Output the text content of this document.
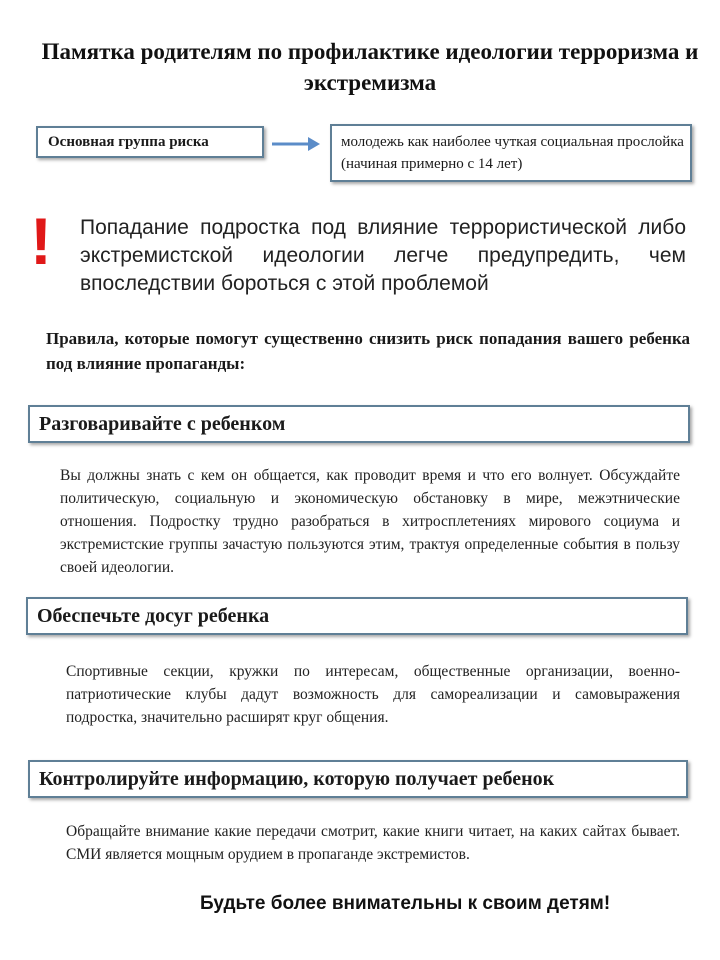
Памятка родителям по профилактике идеологии терроризма и экстремизма
Основная группа риска	молодежь как наиболее чуткая социальная прослойка (начиная примерно с 14 лет)
! Попадание подростка под влияние террористической либо экстремистской идеологии легче предупредить, чем впоследствии бороться с этой проблемой
Правила, которые помогут существенно снизить риск попадания вашего ребенка под влияние пропаганды:
Разговаривайте с ребенком
Вы должны знать с кем он общается, как проводит время и что его волнует. Обсуждайте политическую, социальную и экономическую обстановку в мире, межэтнические отношения. Подростку трудно разобраться в хитросплетениях мирового социума и экстремистские группы зачастую пользуются этим, трактуя определенные события в пользу своей идеологии.
Обеспечьте досуг ребенка
Спортивные секции, кружки по интересам, общественные организации, военно-патриотические клубы дадут возможность для самореализации и самовыражения подростка, значительно расширят круг общения.
Контролируйте информацию, которую получает ребенок
Обращайте внимание какие передачи смотрит, какие книги читает, на каких сайтах бывает. СМИ является мощным орудием в пропаганде экстремистов.
Будьте более внимательны к своим детям!
